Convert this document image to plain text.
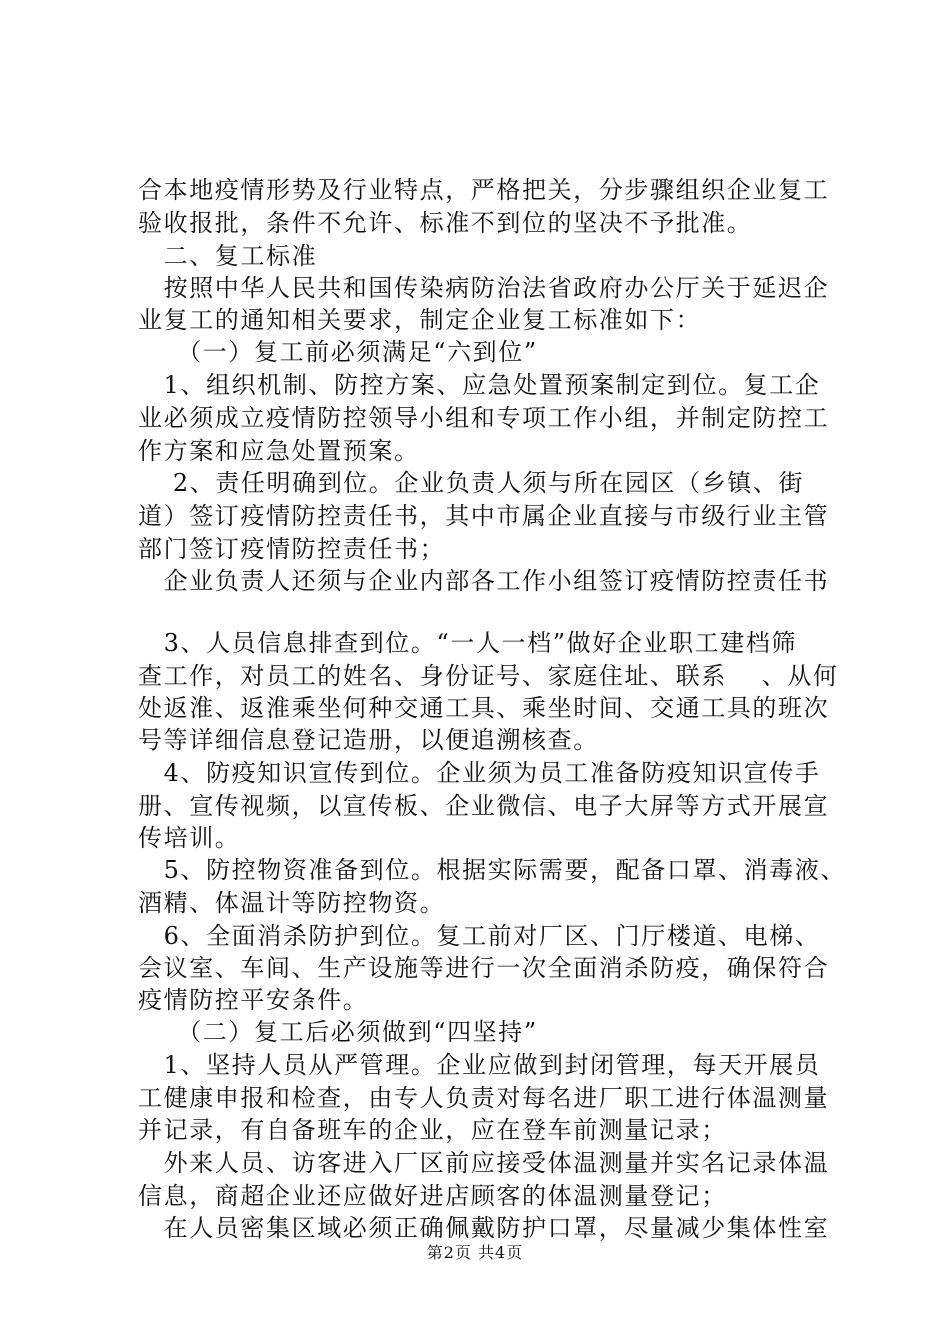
合本地疫情形势及行业特点，严格把关，分步骤组织企业复工
验收报批，条件不允许、标准不到位的坚决不予批准。
　二、复工标准
　按照中华人民共和国传染病防治法省政府办公厅关于延迟企
业复工的通知相关要求，制定企业复工标准如下：
　　（一）复工前必须满足“六到位”
　1、组织机制、防控方案、应急处置预案制定到位。复工企
业必须成立疫情防控领导小组和专项工作小组，并制定防控工
作方案和应急处置预案。
　 2、责任明确到位。企业负责人须与所在园区（乡镇、街
道）签订疫情防控责任书，其中市属企业直接与市级行业主管
部门签订疫情防控责任书；
　企业负责人还须与企业内部各工作小组签订疫情防控责任书
　3、人员信息排查到位。“一人一档”做好企业职工建档筛
查工作，对员工的姓名、身份证号、家庭住址、联系　 、从何
处返淮、返淮乘坐何种交通工具、乘坐时间、交通工具的班次
号等详细信息登记造册，以便追溯核查。
　4、防疫知识宣传到位。企业须为员工准备防疫知识宣传手
册、宣传视频，以宣传板、企业微信、电子大屏等方式开展宣
传培训。
　5、防控物资准备到位。根据实际需要，配备口罩、消毒液、
酒精、体温计等防控物资。
　6、全面消杀防护到位。复工前对厂区、门厅楼道、电梯、
会议室、车间、生产设施等进行一次全面消杀防疫，确保符合
疫情防控平安条件。
　　（二）复工后必须做到“四坚持”
　1、坚持人员从严管理。企业应做到封闭管理，每天开展员
工健康申报和检查，由专人负责对每名进厂职工进行体温测量
并记录，有自备班车的企业，应在登车前测量记录；
　外来人员、访客进入厂区前应接受体温测量并实名记录体温
信息，商超企业还应做好进店顾客的体温测量登记；
　在人员密集区域必须正确佩戴防护口罩，尽量减少集体性室
第2页 共4页
